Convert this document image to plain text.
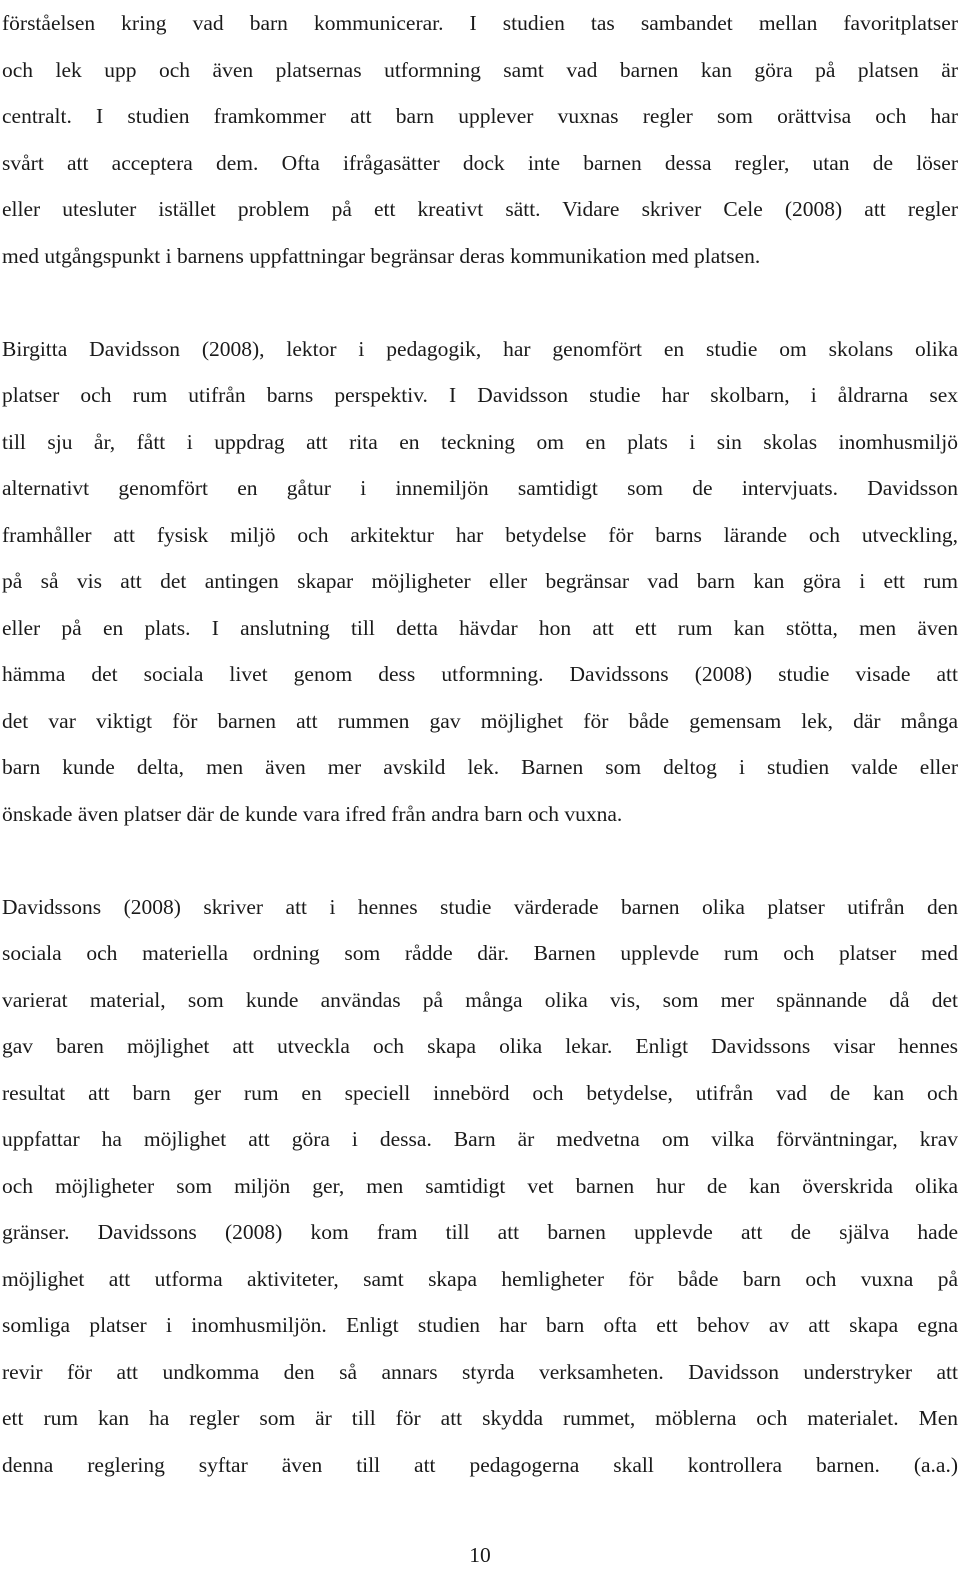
förståelsen kring vad barn kommunicerar. I studien tas sambandet mellan favoritplatser
och lek upp och även platsernas utformning samt vad barnen kan göra på platsen är
centralt. I studien framkommer att barn upplever vuxnas regler som orättvisa och har
svårt att acceptera dem. Ofta ifrågasätter dock inte barnen dessa regler, utan de löser
eller utesluter istället problem på ett kreativt sätt. Vidare skriver Cele (2008) att regler
med utgångspunkt i barnens uppfattningar begränsar deras kommunikation med platsen.
Birgitta Davidsson (2008), lektor i pedagogik, har genomfört en studie om skolans olika
platser och rum utifrån barns perspektiv. I Davidsson studie har skolbarn, i åldrarna sex
till sju år, fått i uppdrag att rita en teckning om en plats i sin skolas inomhusmiljö
alternativt genomfört en gåtur i innemiljön samtidigt som de intervjuats. Davidsson
framhåller att fysisk miljö och arkitektur har betydelse för barns lärande och utveckling,
på så vis att det antingen skapar möjligheter eller begränsar vad barn kan göra i ett rum
eller på en plats. I anslutning till detta hävdar hon att ett rum kan stötta, men även
hämma det sociala livet genom dess utformning. Davidssons (2008) studie visade att
det var viktigt för barnen att rummen gav möjlighet för både gemensam lek, där många
barn kunde delta, men även mer avskild lek. Barnen som deltog i studien valde eller
önskade även platser där de kunde vara ifred från andra barn och vuxna.
Davidssons (2008) skriver att i hennes studie värderade barnen olika platser utifrån den
sociala och materiella ordning som rådde där. Barnen upplevde rum och platser med
varierat material, som kunde användas på många olika vis, som mer spännande då det
gav baren möjlighet att utveckla och skapa olika lekar. Enligt Davidssons visar hennes
resultat att barn ger rum en speciell innebörd och betydelse, utifrån vad de kan och
uppfattar ha möjlighet att göra i dessa. Barn är medvetna om vilka förväntningar, krav
och möjligheter som miljön ger, men samtidigt vet barnen hur de kan överskrida olika
gränser. Davidssons (2008) kom fram till att barnen upplevde att de själva hade
möjlighet att utforma aktiviteter, samt skapa hemligheter för både barn och vuxna på
somliga platser i inomhusmiljön. Enligt studien har barn ofta ett behov av att skapa egna
revir för att undkomma den så annars styrda verksamheten. Davidsson understryker att
ett rum kan ha regler som är till för att skydda rummet, möblerna och materialet. Men
denna reglering syftar även till att pedagogerna skall kontrollera barnen. (a.a.)
10
